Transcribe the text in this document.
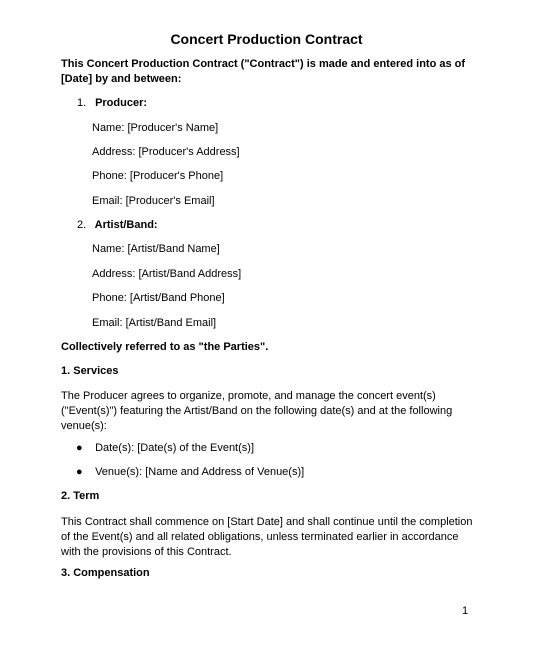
Concert Production Contract
This Concert Production Contract ("Contract") is made and entered into as of [Date] by and between:
1. Producer:
Name: [Producer's Name]
Address: [Producer's Address]
Phone: [Producer's Phone]
Email: [Producer's Email]
2. Artist/Band:
Name: [Artist/Band Name]
Address: [Artist/Band Address]
Phone: [Artist/Band Phone]
Email: [Artist/Band Email]
Collectively referred to as "the Parties".
1. Services
The Producer agrees to organize, promote, and manage the concert event(s) ("Event(s)") featuring the Artist/Band on the following date(s) and at the following venue(s):
● Date(s): [Date(s) of the Event(s)]
● Venue(s): [Name and Address of Venue(s)]
2. Term
This Contract shall commence on [Start Date] and shall continue until the completion of the Event(s) and all related obligations, unless terminated earlier in accordance with the provisions of this Contract.
3. Compensation
1
